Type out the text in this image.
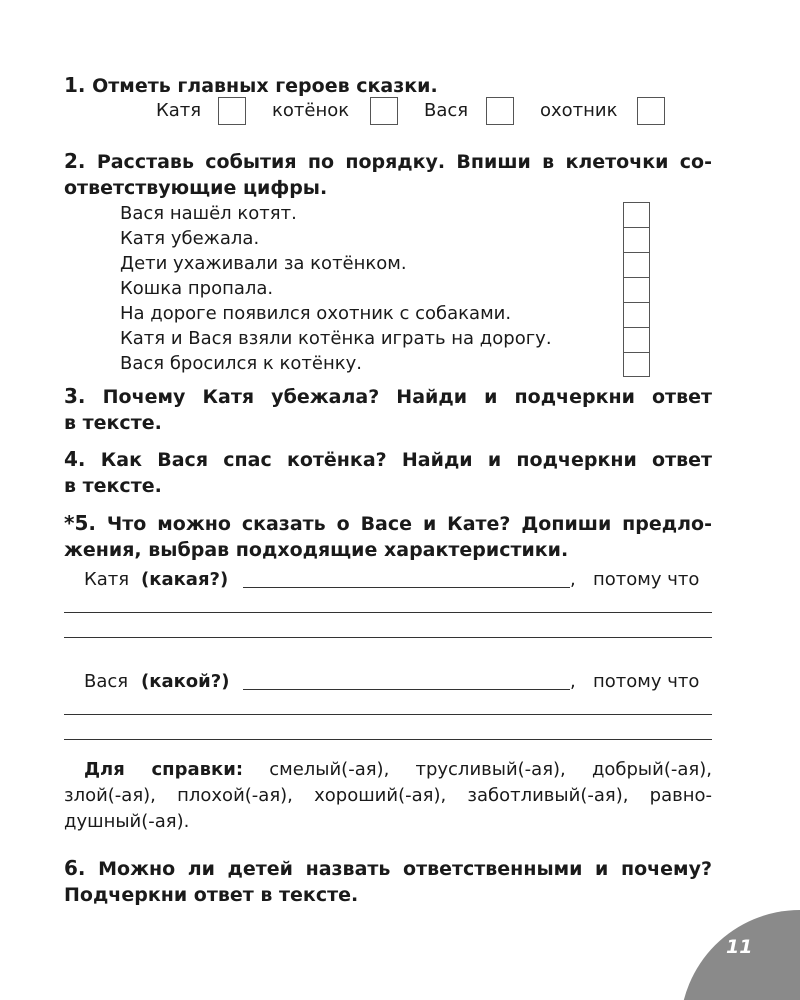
1. Отметь главных героев сказки.
Катя	котёнок	Вася	охотник
2. Расставь события по порядку. Впиши в клеточки со-
ответствующие цифры.
Вася нашёл котят.
Катя убежала.
Дети ухаживали за котёнком.
Кошка пропала.
На дороге появился охотник с собаками.
Катя и Вася взяли котёнка играть на дорогу.
Вася бросился к котёнку.
3. Почему Катя убежала? Найди и подчеркни ответ
в тексте.
4. Как Вася спас котёнка? Найди и подчеркни ответ
в тексте.
*5. Что можно сказать о Васе и Кате? Допиши предло-
жения, выбрав подходящие характеристики.
Катя (какая?)	, потому что
Вася (какой?)	, потому что
Для справки: смелый(-ая), трусливый(-ая), добрый(-ая),
злой(-ая), плохой(-ая), хороший(-ая), заботливый(-ая), равно-
душный(-ая).
6. Можно ли детей назвать ответственными и почему?
Подчеркни ответ в тексте.
11
